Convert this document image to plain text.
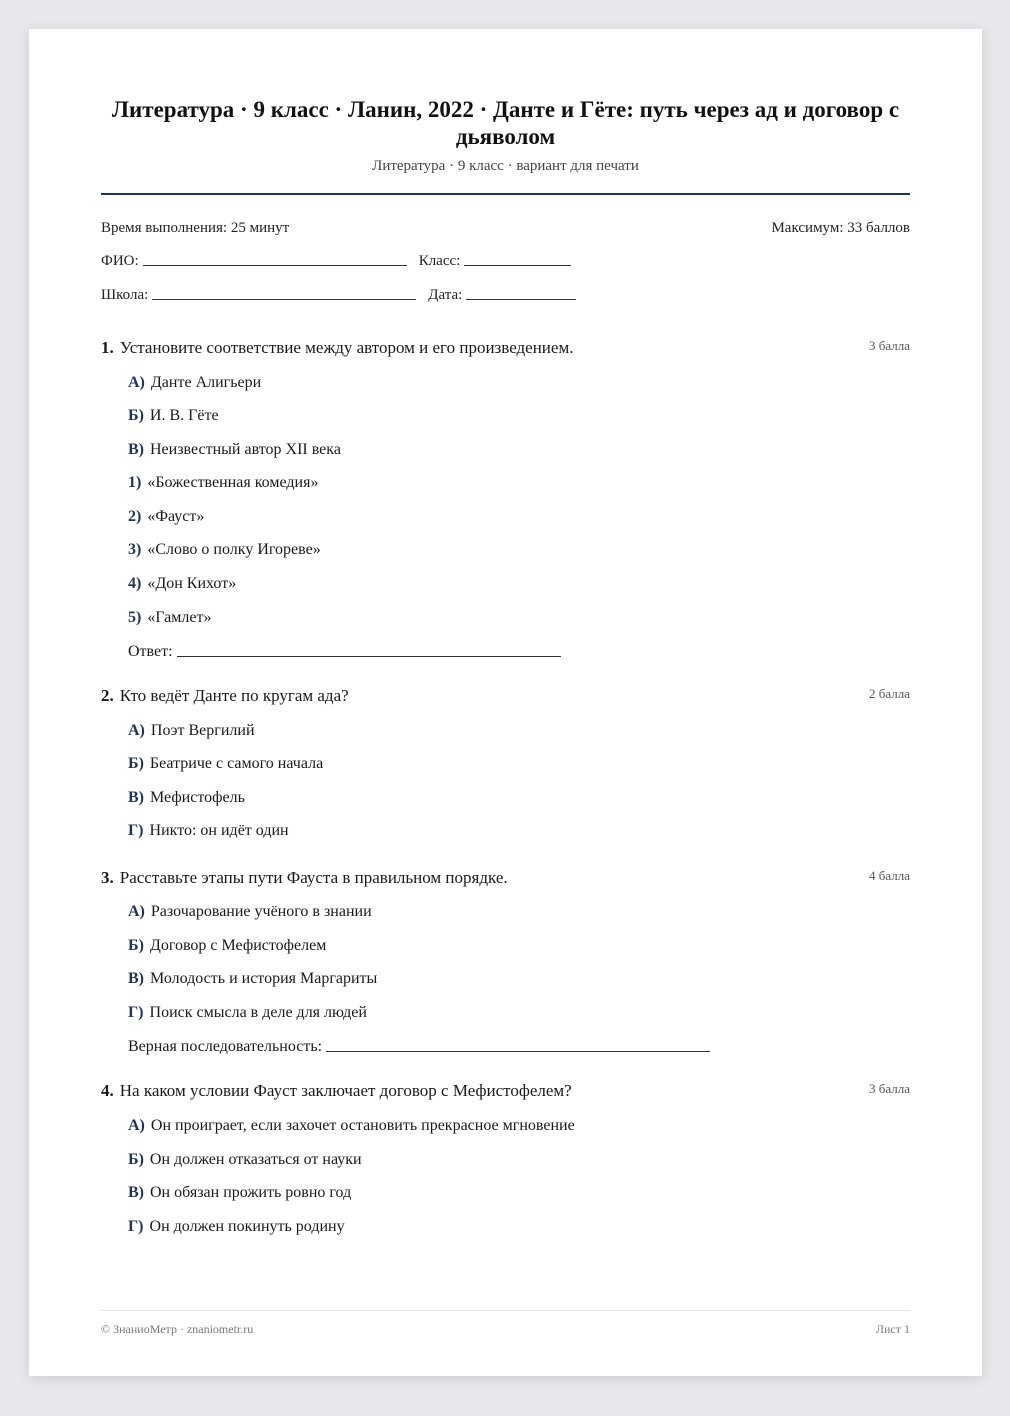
Литература · 9 класс · Ланин, 2022 · Данте и Гёте: путь через ад и договор с дьяволом
Литература · 9 класс · вариант для печати
Время выполнения: 25 минут	Максимум: 33 баллов
ФИО:	Класс:
Школа:	Дата:
1. Установите соответствие между автором и его произведением.	3 балла
А) Данте Алигьери
Б) И. В. Гёте
В) Неизвестный автор XII века
1) «Божественная комедия»
2) «Фауст»
3) «Слово о полку Игореве»
4) «Дон Кихот»
5) «Гамлет»
Ответ:
2. Кто ведёт Данте по кругам ада?	2 балла
А) Поэт Вергилий
Б) Беатриче с самого начала
В) Мефистофель
Г) Никто: он идёт один
3. Расставьте этапы пути Фауста в правильном порядке.	4 балла
А) Разочарование учёного в знании
Б) Договор с Мефистофелем
В) Молодость и история Маргариты
Г) Поиск смысла в деле для людей
Верная последовательность:
4. На каком условии Фауст заключает договор с Мефистофелем?	3 балла
А) Он проиграет, если захочет остановить прекрасное мгновение
Б) Он должен отказаться от науки
В) Он обязан прожить ровно год
Г) Он должен покинуть родину
© ЗнаниоМетр · znaniometr.ru	Лист 1
